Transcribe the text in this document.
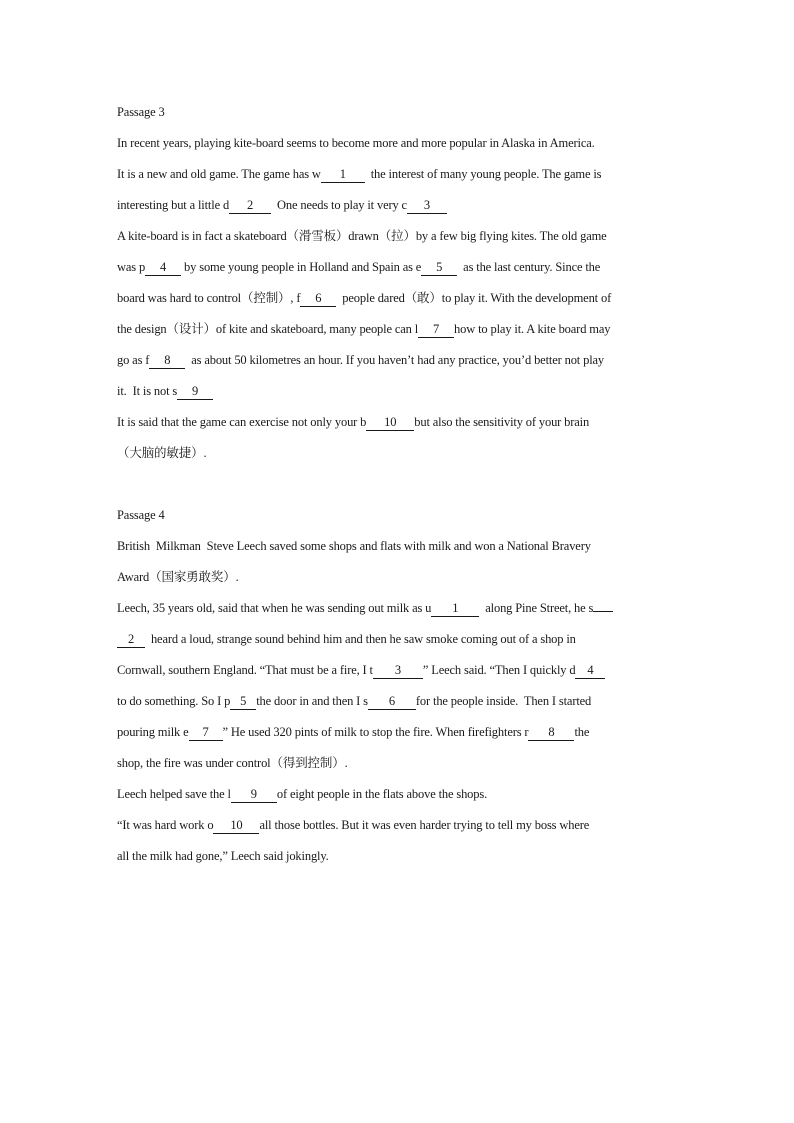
Passage 3
In recent years, playing kite-board seems to become more and more popular in Alaska in America.
It is a new and old game. The game has w 1  the interest of many young people. The game is
interesting but a little d 2  One needs to play it very c 3
A kite-board is in fact a skateboard（滑雪板）drawn（拉）by a few big flying kites. The old game
was p 4 by some young people in Holland and Spain as e 5  as the last century. Since the
board was hard to control（控制）, f 6  people dared（敢）to play it. With the development of
the design（设计）of kite and skateboard, many people can l 7 how to play it. A kite board may
go as f 8  as about 50 kilometres an hour. If you haven’t had any practice, you’d better not play
it.  It is not s 9
It is said that the game can exercise not only your b 10 but also the sensitivity of your brain
（大脑的敏捷）.
Passage 4
British  Milkman  Steve Leech saved some shops and flats with milk and won a National Bravery
Award（国家勇敢奖）.
Leech, 35 years old, said that when he was sending out milk as u 1  along Pine Street, he s
2  heard a loud, strange sound behind him and then he saw smoke coming out of a shop in
Cornwall, southern England. “That must be a fire, I t 3 ” Leech said. “Then I quickly d 4
to do something. So I p 5 the door in and then I s 6 for the people inside.  Then I started
pouring milk e 7 ” He used 320 pints of milk to stop the fire. When firefighters r 8 the
shop, the fire was under control（得到控制）.
Leech helped save the l 9 of eight people in the flats above the shops.
“It was hard work o 10 all those bottles. But it was even harder trying to tell my boss where
all the milk had gone,” Leech said jokingly.
